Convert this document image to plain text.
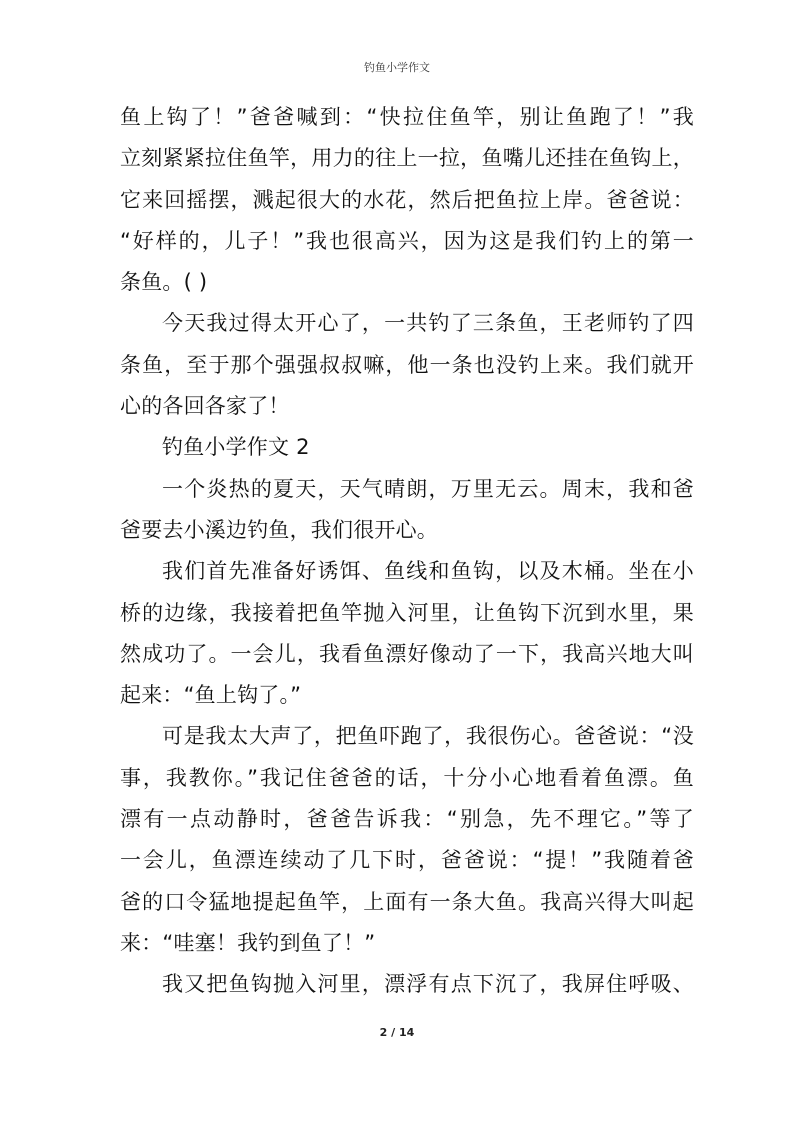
钓鱼小学作文
鱼上钩了！”爸爸喊到：“快拉住鱼竿，别让鱼跑了！”我
立刻紧紧拉住鱼竿，用力的往上一拉，鱼嘴儿还挂在鱼钩上，
它来回摇摆，溅起很大的水花，然后把鱼拉上岸。爸爸说：
“好样的，儿子！”我也很高兴，因为这是我们钓上的第一
条鱼。( )
今天我过得太开心了，一共钓了三条鱼，王老师钓了四
条鱼，至于那个强强叔叔嘛，他一条也没钓上来。我们就开
心的各回各家了！
钓鱼小学作文 2
一个炎热的夏天，天气晴朗，万里无云。周末，我和爸
爸要去小溪边钓鱼，我们很开心。
我们首先准备好诱饵、鱼线和鱼钩，以及木桶。坐在小
桥的边缘，我接着把鱼竿抛入河里，让鱼钩下沉到水里，果
然成功了。一会儿，我看鱼漂好像动了一下，我高兴地大叫
起来：“鱼上钩了。”
可是我太大声了，把鱼吓跑了，我很伤心。爸爸说：“没
事，我教你。”我记住爸爸的话，十分小心地看着鱼漂。鱼
漂有一点动静时，爸爸告诉我：“别急，先不理它。”等了
一会儿，鱼漂连续动了几下时，爸爸说：“提！”我随着爸
爸的口令猛地提起鱼竿，上面有一条大鱼。我高兴得大叫起
来：“哇塞！我钓到鱼了！”
我又把鱼钩抛入河里，漂浮有点下沉了，我屏住呼吸、
2 / 14
